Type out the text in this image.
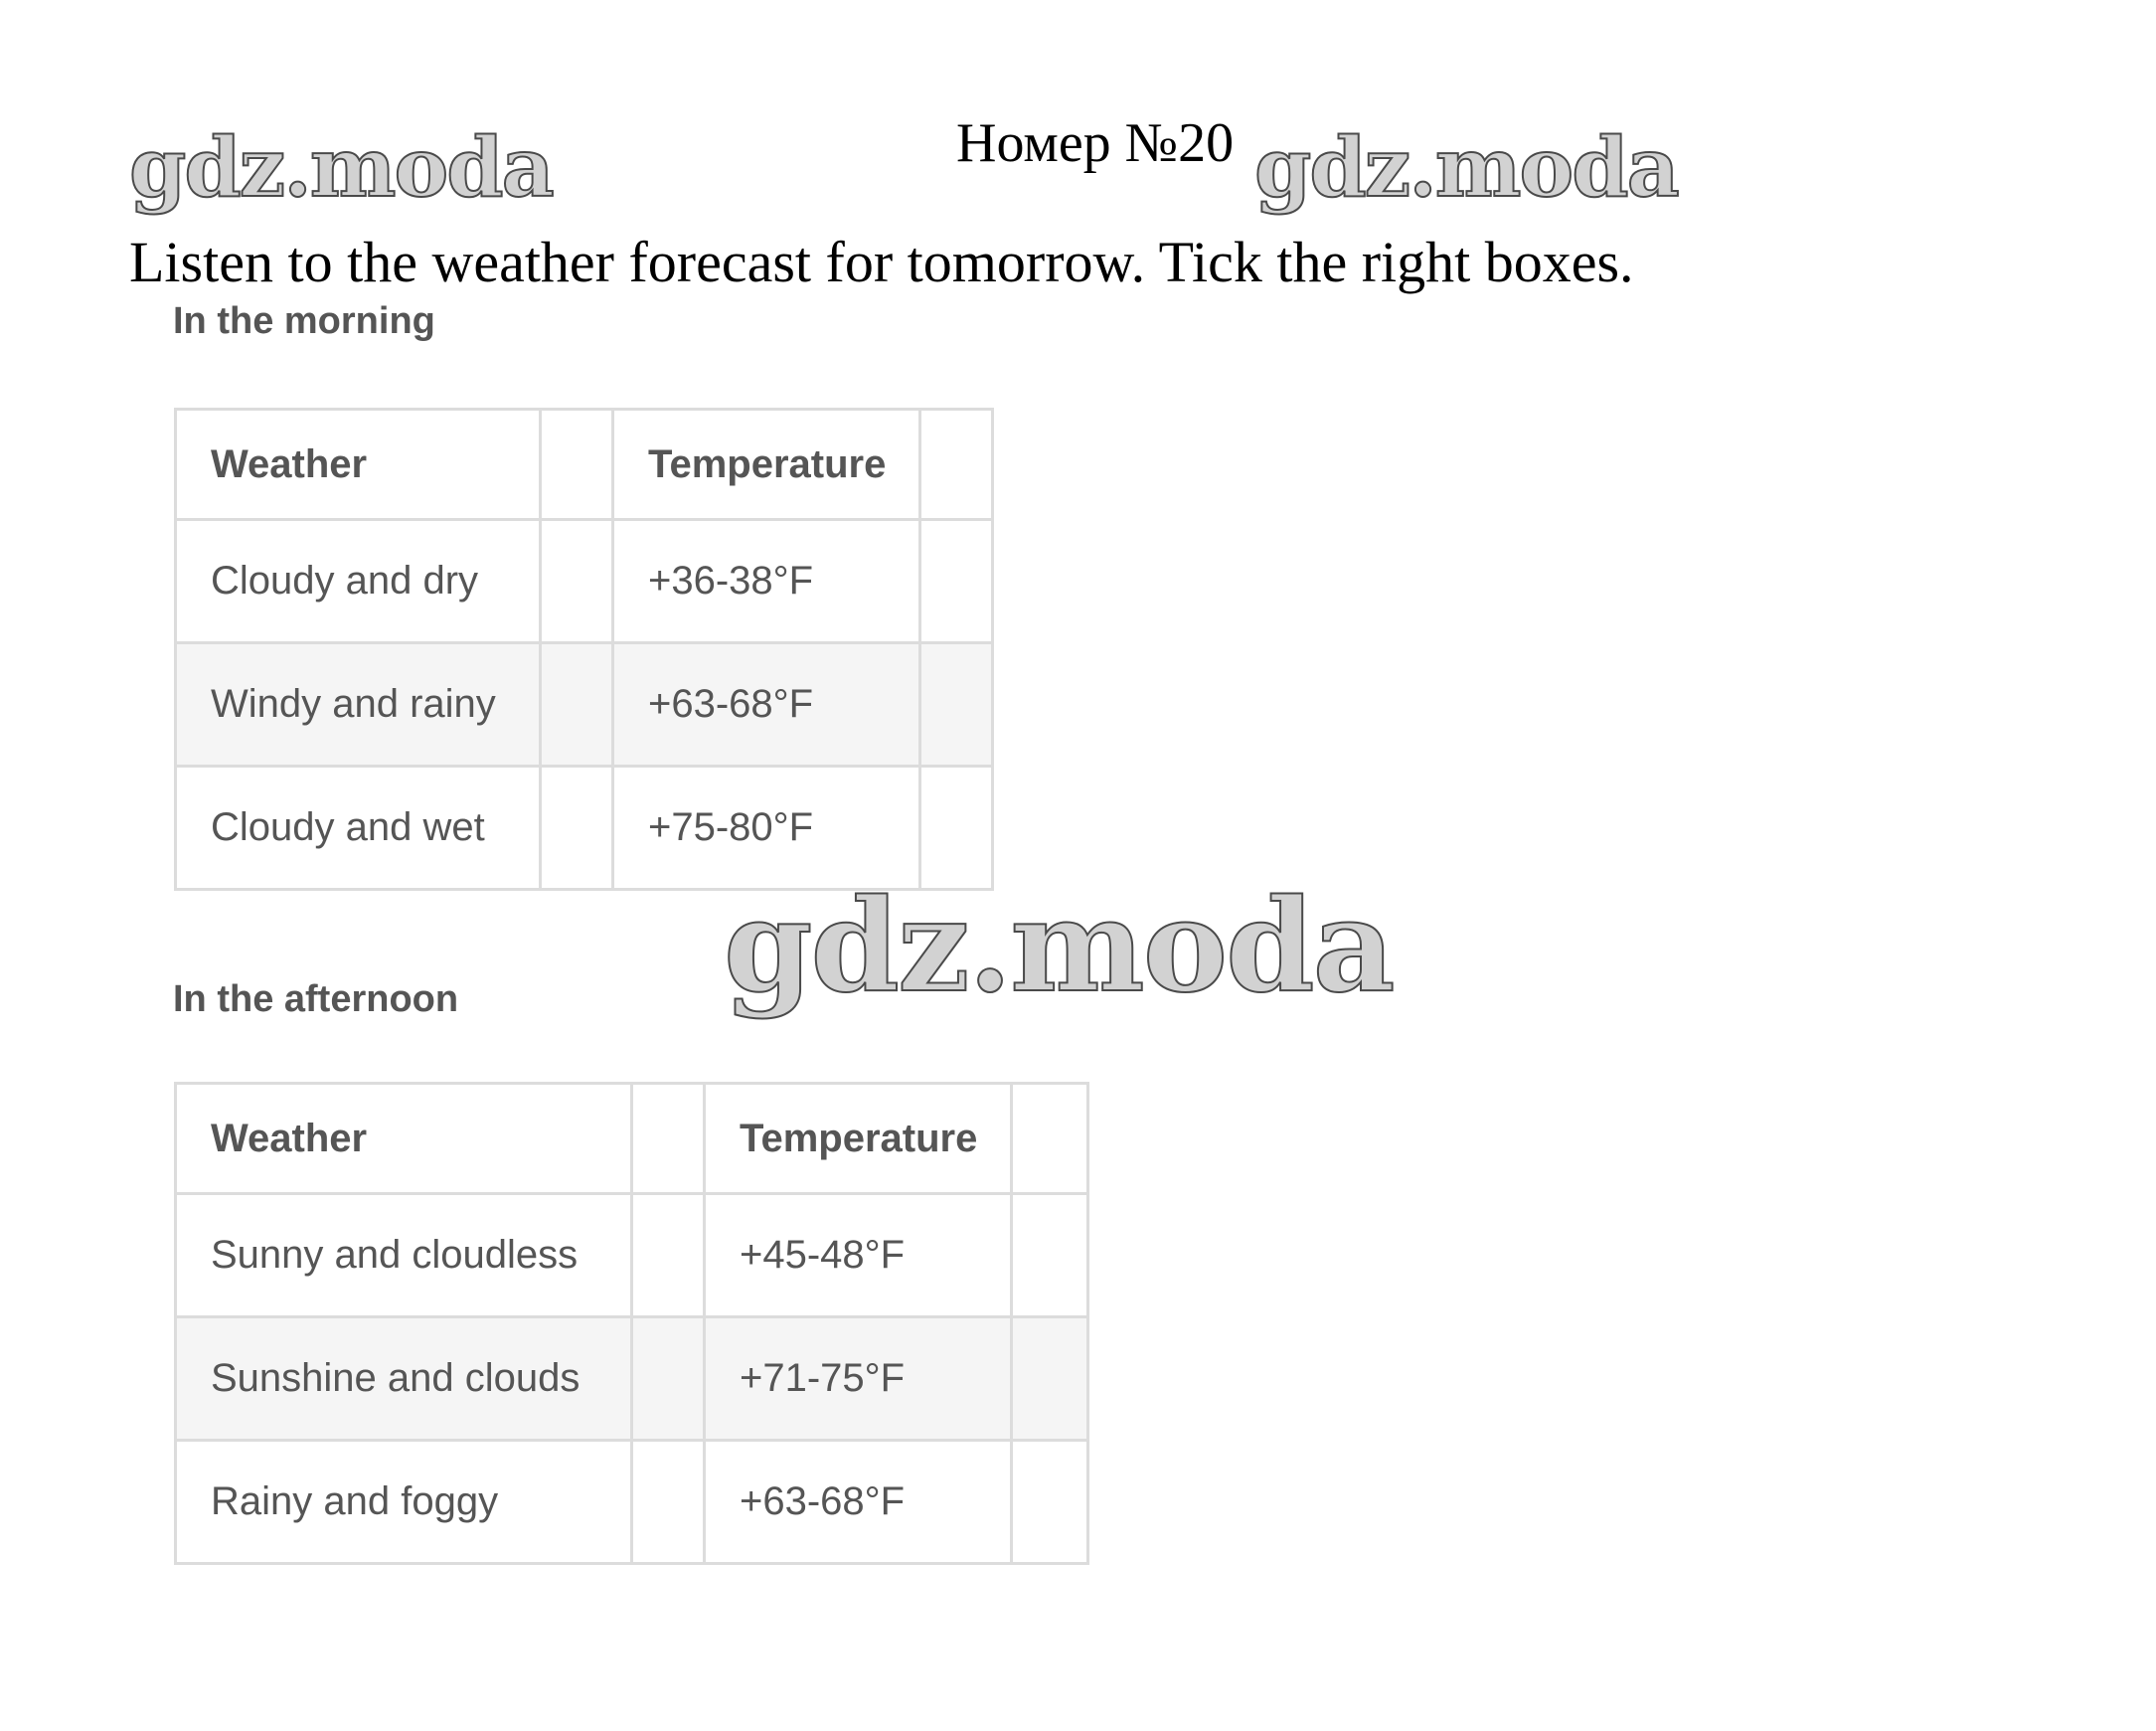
gdz.moda	gdz.moda
Номер №20
Listen to the weather forecast for tomorrow. Tick the right boxes.
In the morning
Weather		Temperature	
Cloudy and dry		+36-38°F	
Windy and rainy		+63-68°F	
Cloudy and wet		+75-80°F	
In the afternoon gdz.moda
Weather		Temperature	
Sunny and cloudless		+45-48°F	
Sunshine and clouds		+71-75°F	
Rainy and foggy		+63-68°F	
